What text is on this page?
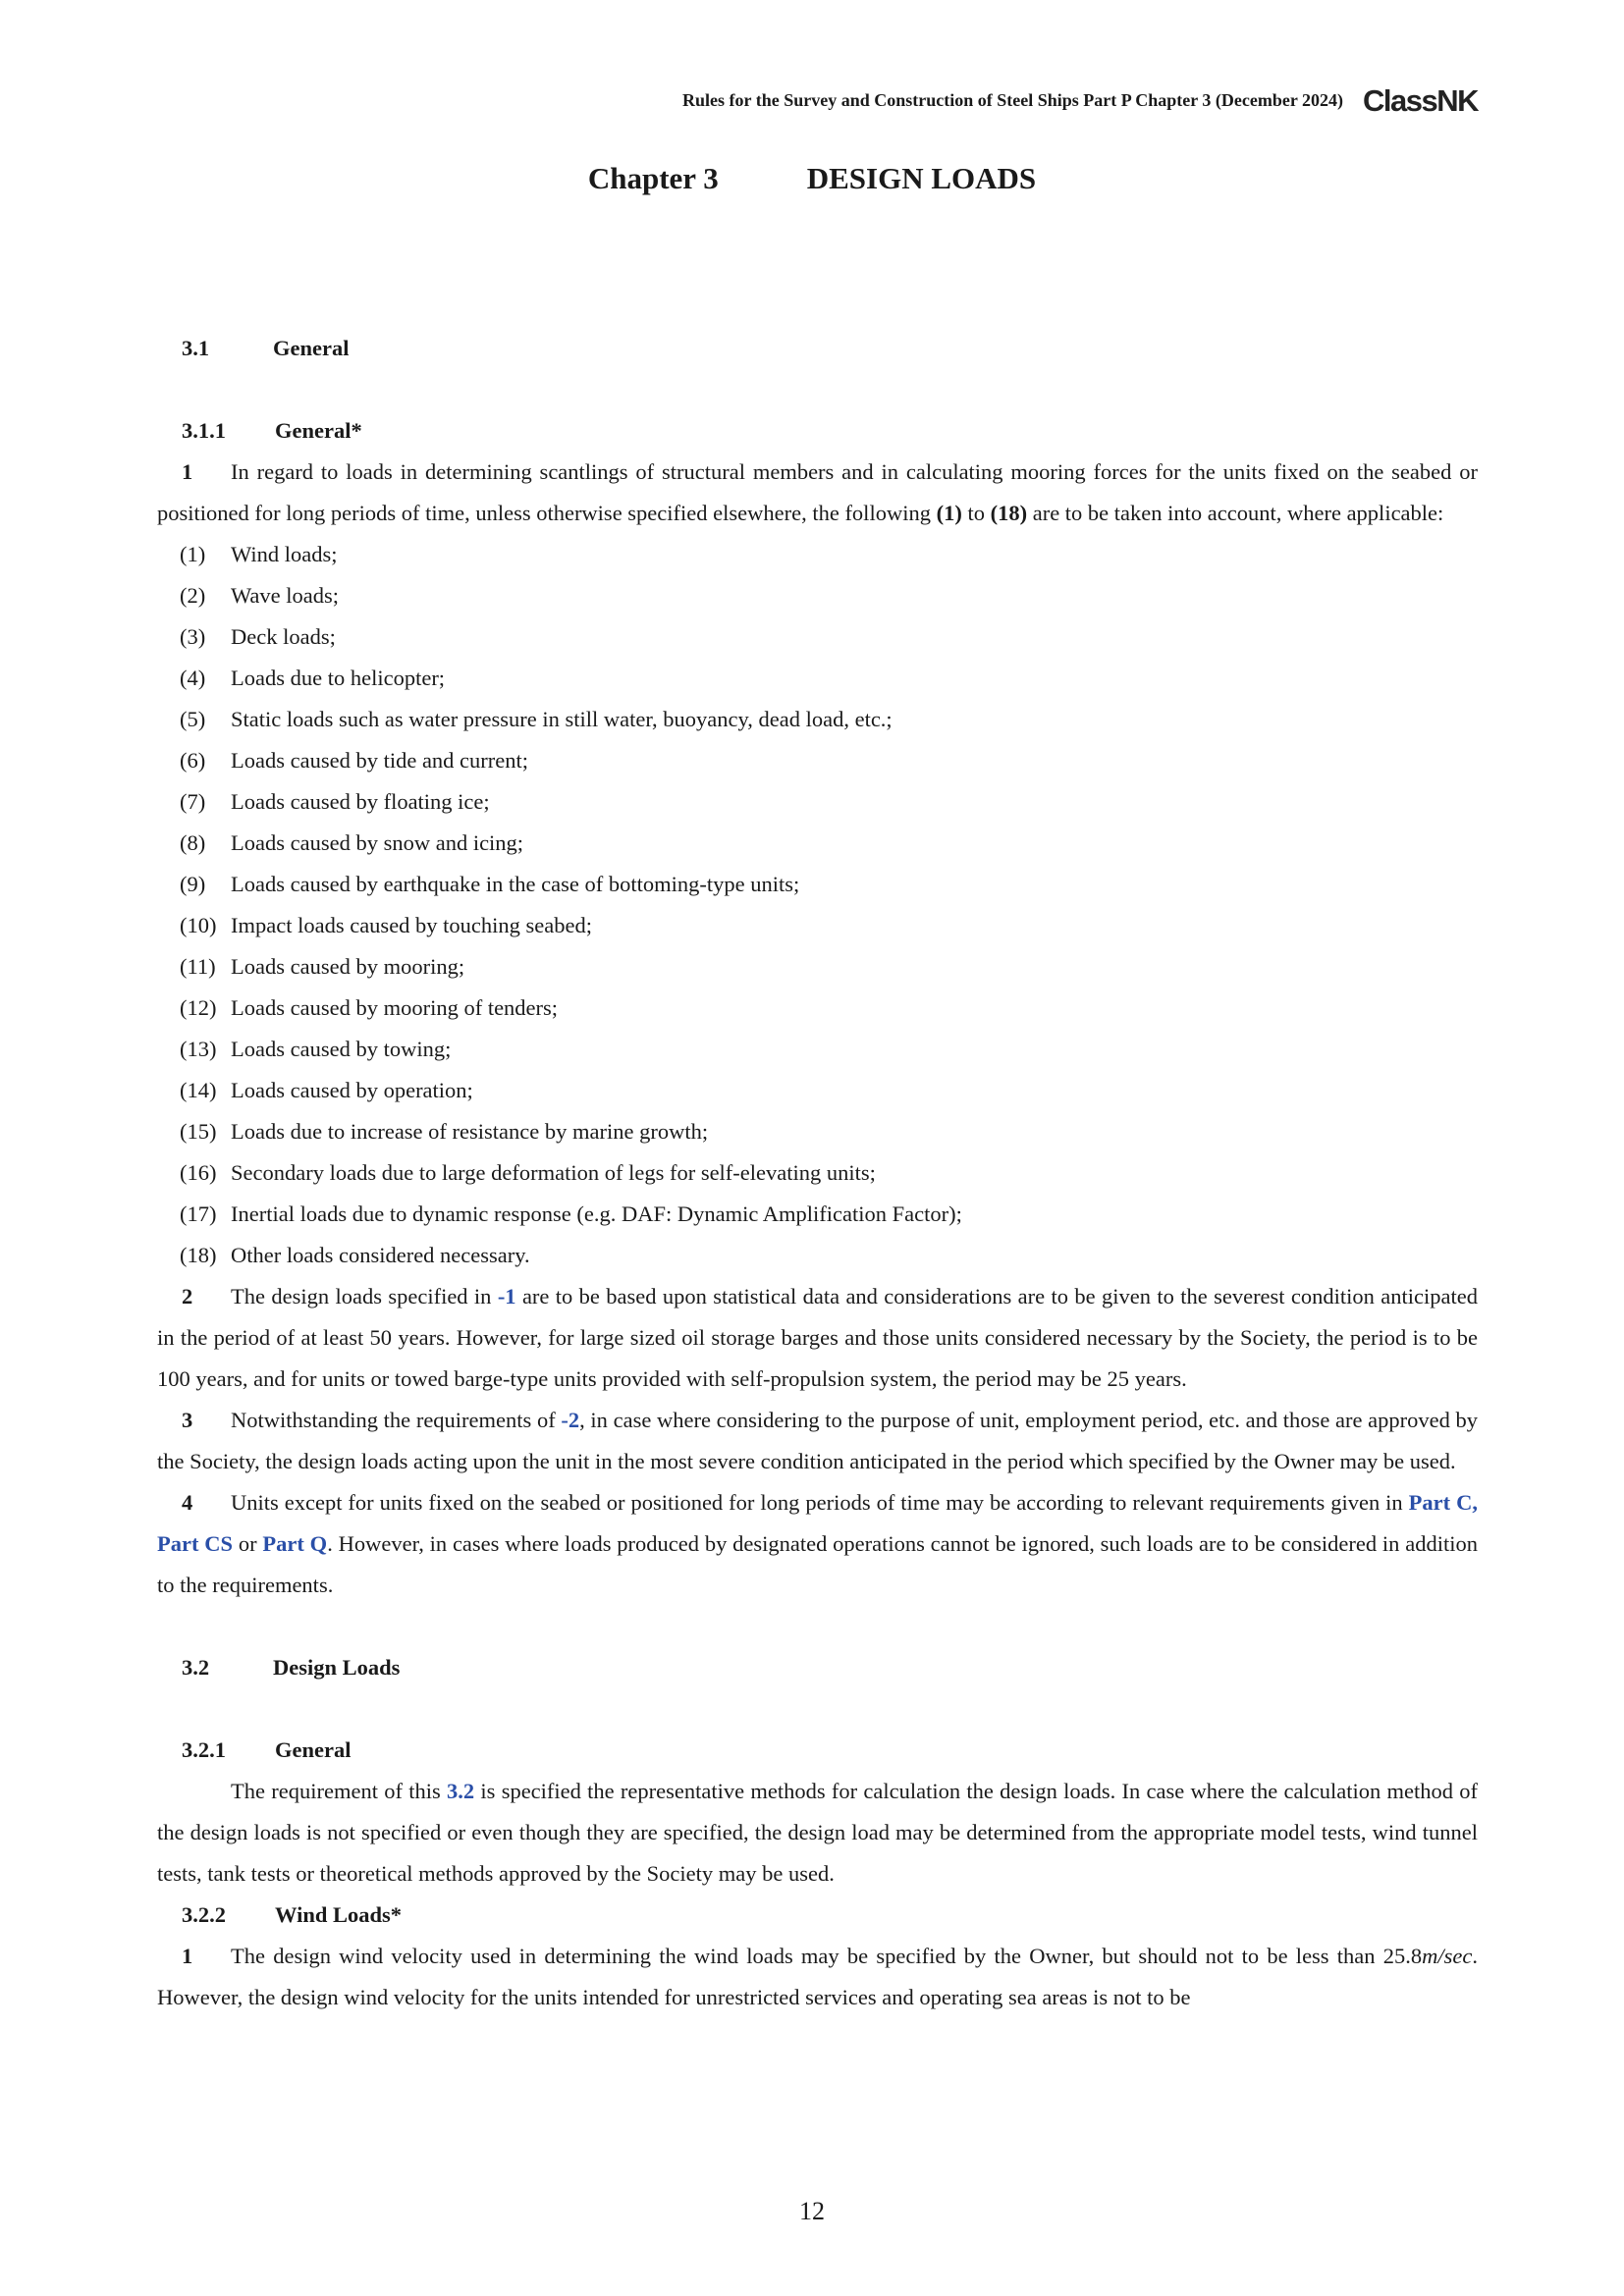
Rules for the Survey and Construction of Steel Ships Part P Chapter 3 (December 2024) ClassNK
Chapter 3	DESIGN LOADS

3.1	General

3.1.1 General*

1 In regard to loads in determining scantlings of structural members and in calculating mooring forces for the units fixed on the seabed or positioned for long periods of time, unless otherwise specified elsewhere, the following (1) to (18) are to be taken into account, where applicable:

(1) Wind loads;

(2) Wave loads;

(3) Deck loads;

(4) Loads due to helicopter;

(5) Static loads such as water pressure in still water, buoyancy, dead load, etc.;

(6) Loads caused by tide and current;

(7) Loads caused by floating ice;

(8) Loads caused by snow and icing;

(9) Loads caused by earthquake in the case of bottoming-type units;

(10) Impact loads caused by touching seabed;

(11) Loads caused by mooring;

(12) Loads caused by mooring of tenders;

(13) Loads caused by towing;

(14) Loads caused by operation;

(15) Loads due to increase of resistance by marine growth;

(16) Secondary loads due to large deformation of legs for self-elevating units;

(17) Inertial loads due to dynamic response (e.g. DAF: Dynamic Amplification Factor);

(18) Other loads considered necessary.

2 The design loads specified in -1 are to be based upon statistical data and considerations are to be given to the severest condition anticipated in the period of at least 50 years. However, for large sized oil storage barges and those units considered necessary by the Society, the period is to be 100 years, and for units or towed barge-type units provided with self-propulsion system, the period may be 25 years.

3 Notwithstanding the requirements of -2, in case where considering to the purpose of unit, employment period, etc. and those are approved by the Society, the design loads acting upon the unit in the most severe condition anticipated in the period which specified by the Owner may be used.

4 Units except for units fixed on the seabed or positioned for long periods of time may be according to relevant requirements given in Part C, Part CS or Part Q. However, in cases where loads produced by designated operations cannot be ignored, such loads are to be considered in addition to the requirements.

3.2	Design Loads

3.2.1 General

The requirement of this 3.2 is specified the representative methods for calculation the design loads. In case where the calculation method of the design loads is not specified or even though they are specified, the design load may be determined from the appropriate model tests, wind tunnel tests, tank tests or theoretical methods approved by the Society may be used.

3.2.2 Wind Loads*

1 The design wind velocity used in determining the wind loads may be specified by the Owner, but should not to be less than 25.8m/sec. However, the design wind velocity for the units intended for unrestricted services and operating sea areas is not to be

12
